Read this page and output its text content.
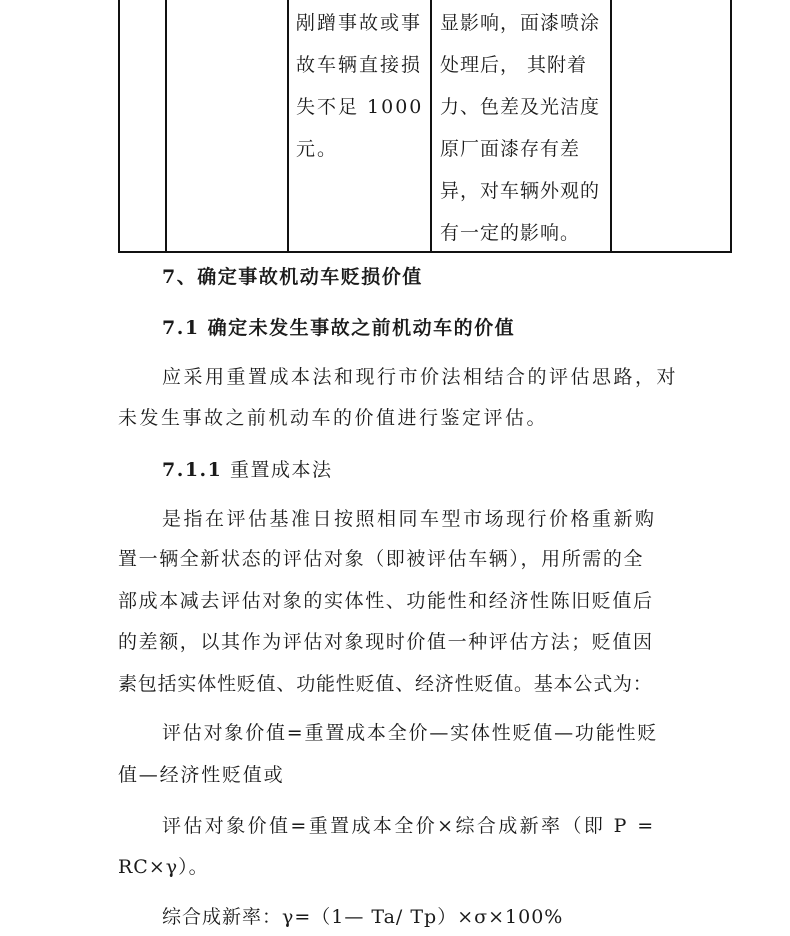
剐蹭事故或事
故车辆直接损
失不足 1000
元。
显影响，面漆喷涂
处理后， 其附着
力、色差及光洁度
原厂面漆存有差
异，对车辆外观的
有一定的影响。
7、确定事故机动车贬损价值
7.1 确定未发生事故之前机动车的价值
应采用重置成本法和现行市价法相结合的评估思路，对
未发生事故之前机动车的价值进行鉴定评估。
7.1.1 重置成本法
是指在评估基准日按照相同车型市场现行价格重新购
置一辆全新状态的评估对象（即被评估车辆），用所需的全
部成本减去评估对象的实体性、功能性和经济性陈旧贬值后
的差额，以其作为评估对象现时价值一种评估方法；贬值因
素包括实体性贬值、功能性贬值、经济性贬值。基本公式为：
评估对象价值=重置成本全价—实体性贬值—功能性贬
值—经济性贬值或
评估对象价值=重置成本全价×综合成新率（即 P =
RC×γ）。
综合成新率：γ=（1— Ta/ Tp）×σ×100%
